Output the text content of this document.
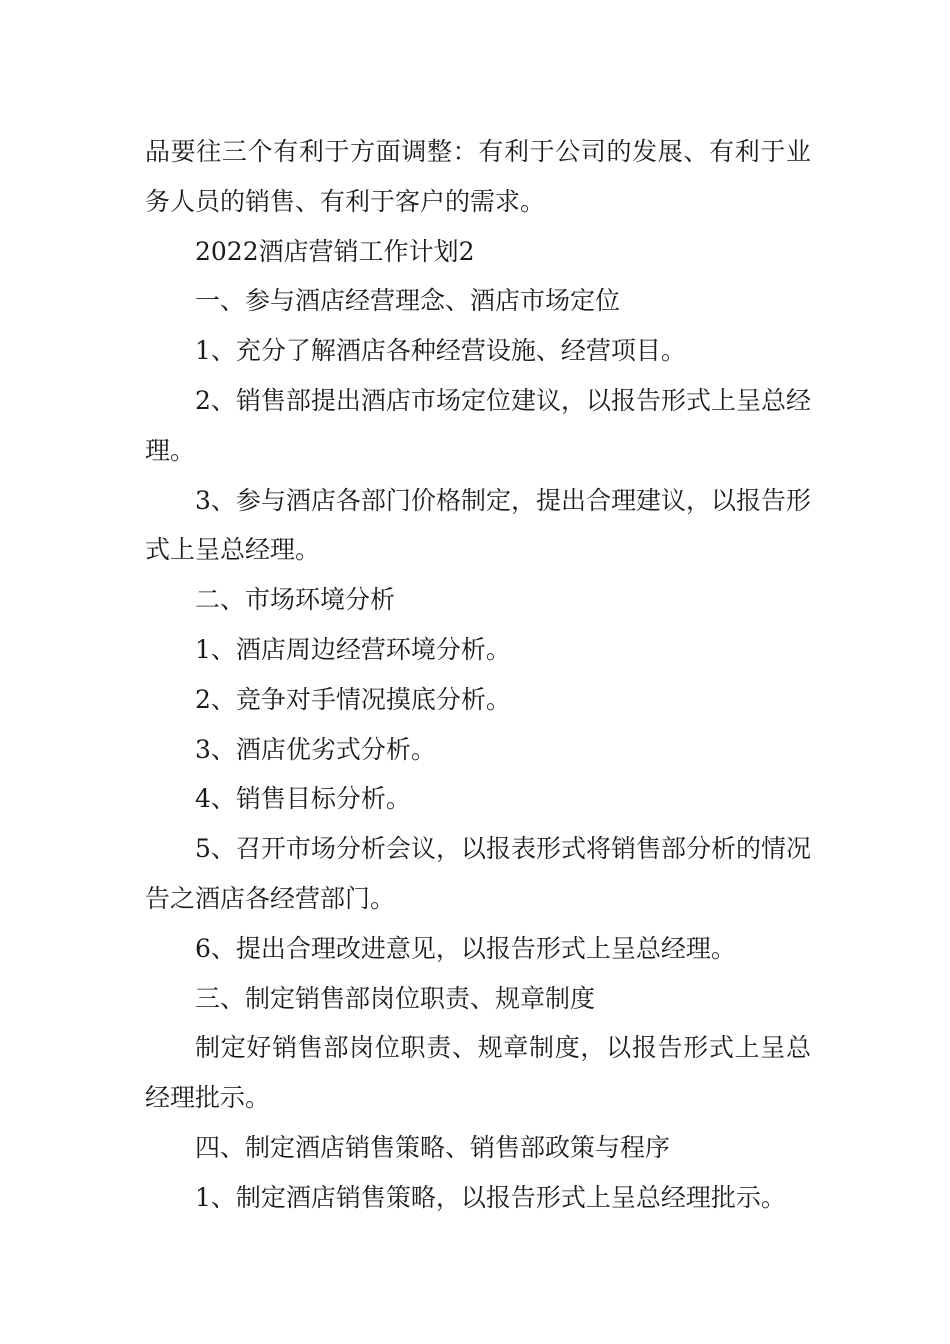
品要往三个有利于方面调整：有利于公司的发展、有利于业务人员的销售、有利于客户的需求。

2022酒店营销工作计划2

一、参与酒店经营理念、酒店市场定位

1、充分了解酒店各种经营设施、经营项目。

2、销售部提出酒店市场定位建议，以报告形式上呈总经理。

3、参与酒店各部门价格制定，提出合理建议，以报告形式上呈总经理。

二、市场环境分析

1、酒店周边经营环境分析。

2、竞争对手情况摸底分析。

3、酒店优劣式分析。

4、销售目标分析。

5、召开市场分析会议，以报表形式将销售部分析的情况告之酒店各经营部门。

6、提出合理改进意见，以报告形式上呈总经理。

三、制定销售部岗位职责、规章制度

制定好销售部岗位职责、规章制度，以报告形式上呈总经理批示。

四、制定酒店销售策略、销售部政策与程序

1、制定酒店销售策略，以报告形式上呈总经理批示。
